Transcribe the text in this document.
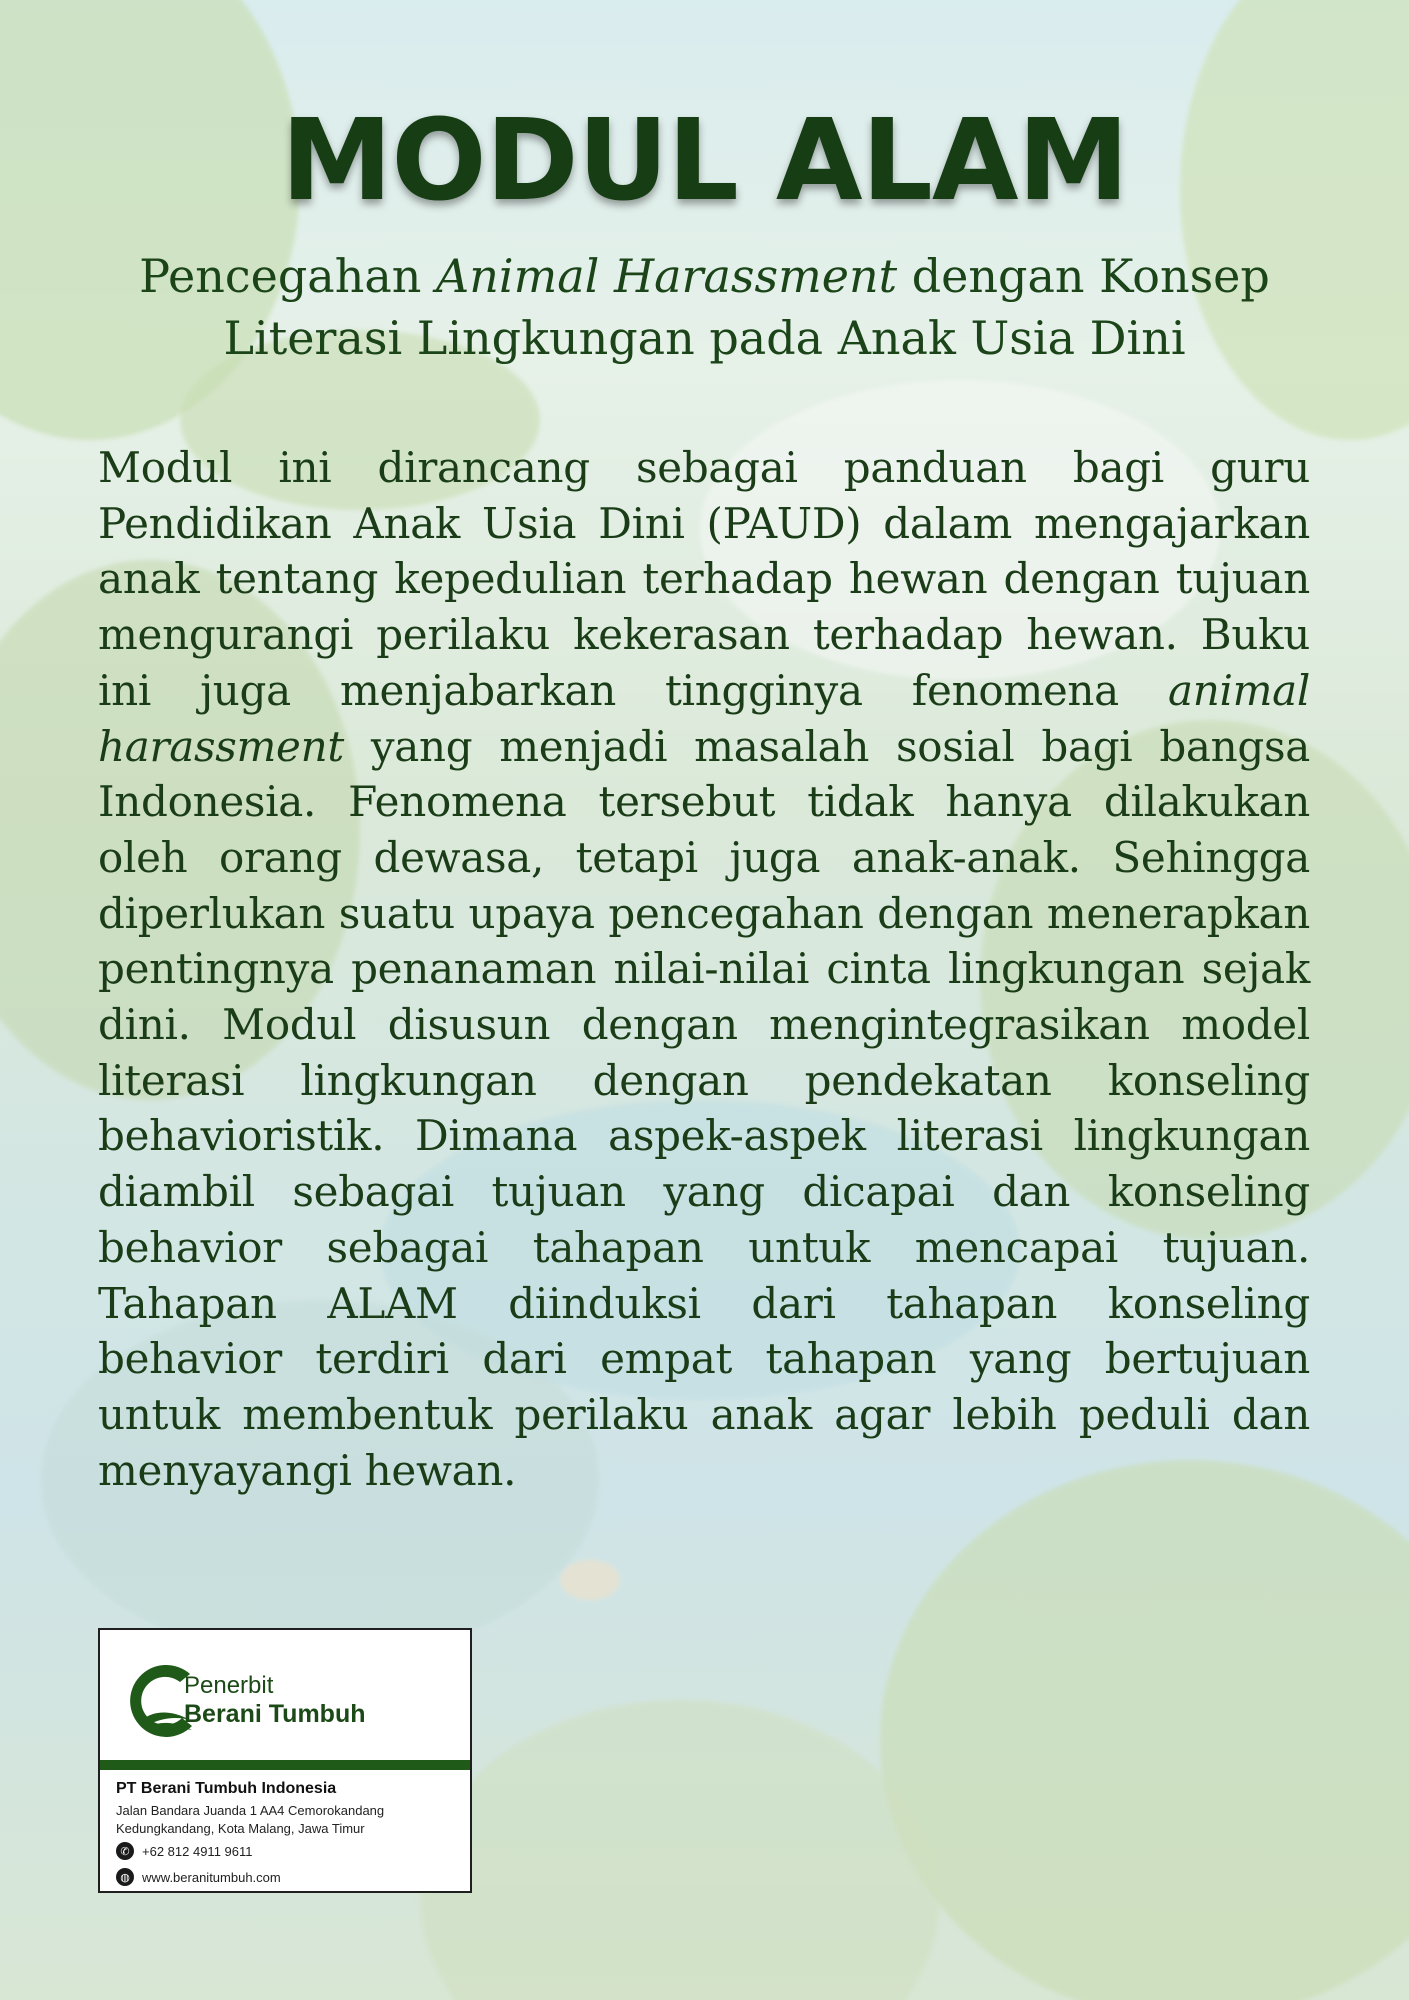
MODUL ALAM
Pencegahan Animal Harassment dengan Konsep Literasi Lingkungan pada Anak Usia Dini

Modul ini dirancang sebagai panduan bagi guru Pendidikan Anak Usia Dini (PAUD) dalam mengajarkan anak tentang kepedulian terhadap hewan dengan tujuan mengurangi perilaku kekerasan terhadap hewan. Buku ini juga menjabarkan tingginya fenomena animal harassment yang menjadi masalah sosial bagi bangsa Indonesia. Fenomena tersebut tidak hanya dilakukan oleh orang dewasa, tetapi juga anak-anak. Sehingga diperlukan suatu upaya pencegahan dengan menerapkan pentingnya penanaman nilai-nilai cinta lingkungan sejak dini. Modul disusun dengan mengintegrasikan model literasi lingkungan dengan pendekatan konseling behavioristik. Dimana aspek-aspek literasi lingkungan diambil sebagai tujuan yang dicapai dan konseling behavior sebagai tahapan untuk mencapai tujuan. Tahapan ALAM diinduksi dari tahapan konseling behavior terdiri dari empat tahapan yang bertujuan untuk membentuk perilaku anak agar lebih peduli dan menyayangi hewan.

Penerbit
Berani Tumbuh
PT Berani Tumbuh Indonesia
Jalan Bandara Juanda 1 AA4 Cemorokandang
Kedungkandang, Kota Malang, Jawa Timur
✆ +62 812 4911 9611
◍ www.beranitumbuh.com
